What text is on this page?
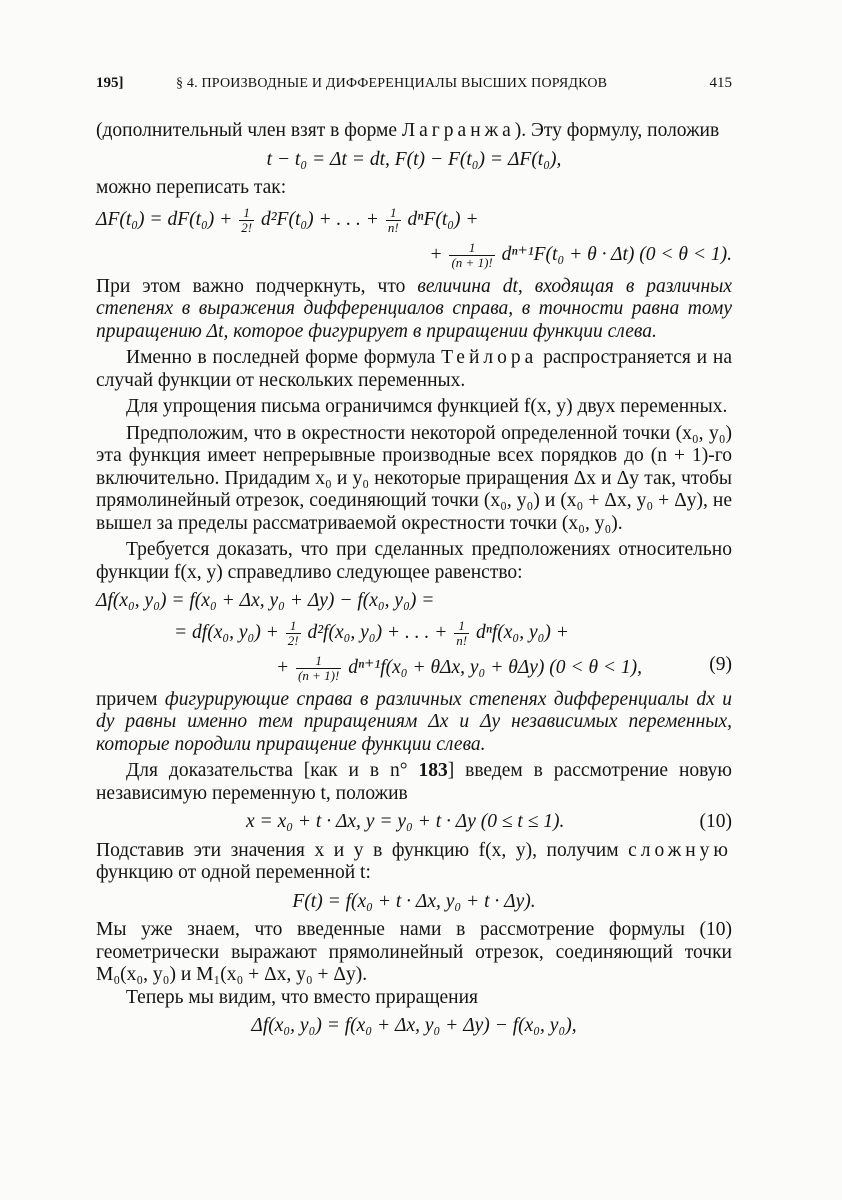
195]	§ 4. ПРОИЗВОДНЫЕ И ДИФФЕРЕНЦИАЛЫ ВЫСШИХ ПОРЯДКОВ	415

(дополнительный член взят в форме Лагранжа). Эту формулу, положив

t − t₀ = Δt = dt, F(t) − F(t₀) = ΔF(t₀),

можно переписать так:

$\Delta F(t_0) = dF(t_0) + \frac{1}{2!} d^2F(t_0)$ + . . . + $\frac{1}{n!} d^nF(t_0)$ +
+ $\frac{1}{(n + 1)!} d^{n+1}F(t_0 + \theta \cdot \Delta t) (0 < \theta < 1)$.

При этом важно подчеркнуть, что величина dt, входящая в различных степенях в выражения дифференциалов справа, в точности равна тому приращению Δt, которое фигурирует в приращении функции слева.

Именно в последней форме формула Тейлора распространяется и на случай функции от нескольких переменных.

Для упрощения письма ограничимся функцией f(x, y) двух переменных.

Предположим, что в окрестности некоторой определенной точки (x₀, y₀) эта функция имеет непрерывные производные всех порядков до (n + 1)-го включительно. Придадим x₀ и y₀ некоторые приращения Δx и Δy так, чтобы прямолинейный отрезок, соединяющий точки (x₀, y₀) и (x₀ + Δx, y₀ + Δy), не вышел за пределы рассматриваемой окрестности точки (x₀, y₀).

Требуется доказать, что при сделанных предположениях относительно функции f(x, y) справедливо следующее равенство:

Δf(x₀, y₀) = f(x₀ + Δx, y₀ + Δy) − f(x₀, y₀) =
= df(x₀, $y_0) + \frac{1}{2!} d^2f(x_0$, y₀) + . . . + $\frac{1}{n!} d^nf(x_0$, y₀) +
+ $\frac{1}{(n + 1)!} d^{n+1}f(x_0 + \theta\Delta x$, y₀ + θΔy) (0 < θ < 1),	(9)

причем фигурирующие справа в различных степенях дифференциалы dx и dy равны именно тем приращениям Δx и Δy независимых переменных, которые породили приращение функции слева.

Для доказательства [как и в n° 183] введем в рассмотрение новую независимую переменную t, положив

x = x₀ + t · Δx, y = y₀ + t · Δy (0 ≤ t ≤ 1).	(10)

Подставив эти значения x и y в функцию f(x, y), получим сложную функцию от одной переменной t:

F(t) = f(x₀ + t · Δx, y₀ + t · Δy).

Мы уже знаем, что введенные нами в рассмотрение формулы (10) геометрически выражают прямолинейный отрезок, соединяющий точки M₀(x₀, y₀) и M₁(x₀ + Δx, y₀ + Δy).

Теперь мы видим, что вместо приращения

Δf(x₀, y₀) = f(x₀ + Δx, y₀ + Δy) − f(x₀, y₀),
